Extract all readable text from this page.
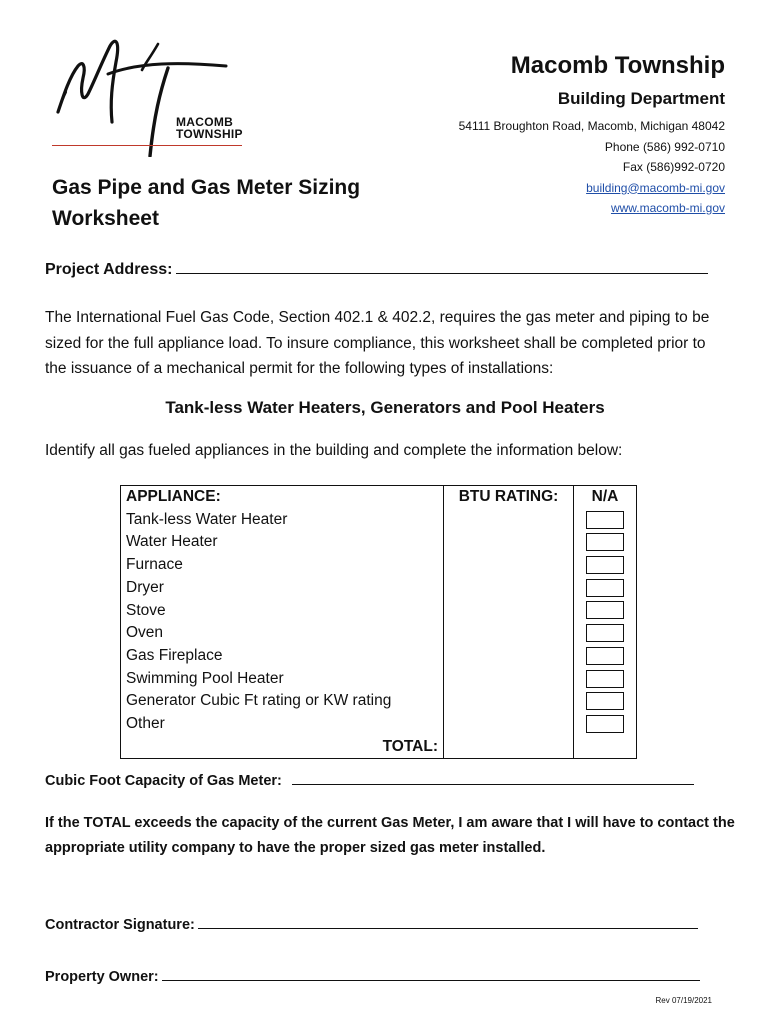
MACOMB
TOWNSHIP
Macomb Township
Building Department
54111 Broughton Road, Macomb, Michigan 48042
Phone (586) 992-0710
Fax (586)992-0720
building@macomb-mi.gov
www.macomb-mi.gov
Gas Pipe and Gas Meter Sizing
Worksheet
Project Address:
The International Fuel Gas Code, Section 402.1 & 402.2, requires the gas meter and piping to be sized for the full appliance load. To insure compliance, this worksheet shall be completed prior to the issuance of a mechanical permit for the following types of installations:
Tank-less Water Heaters, Generators and Pool Heaters
Identify all gas fueled appliances in the building and complete the information below:
APPLIANCE:	BTU RATING:	N/A
Tank-less Water Heater		
Water Heater		
Furnace		
Dryer		
Stove		
Oven		
Gas Fireplace		
Swimming Pool Heater		
Generator Cubic Ft rating or KW rating		
Other		
TOTAL:		
Cubic Foot Capacity of Gas Meter:
If the TOTAL exceeds the capacity of the current Gas Meter, I am aware that I will have to contact the appropriate utility company to have the proper sized gas meter installed.
Contractor Signature:
Property Owner:
Rev 07/19/2021
